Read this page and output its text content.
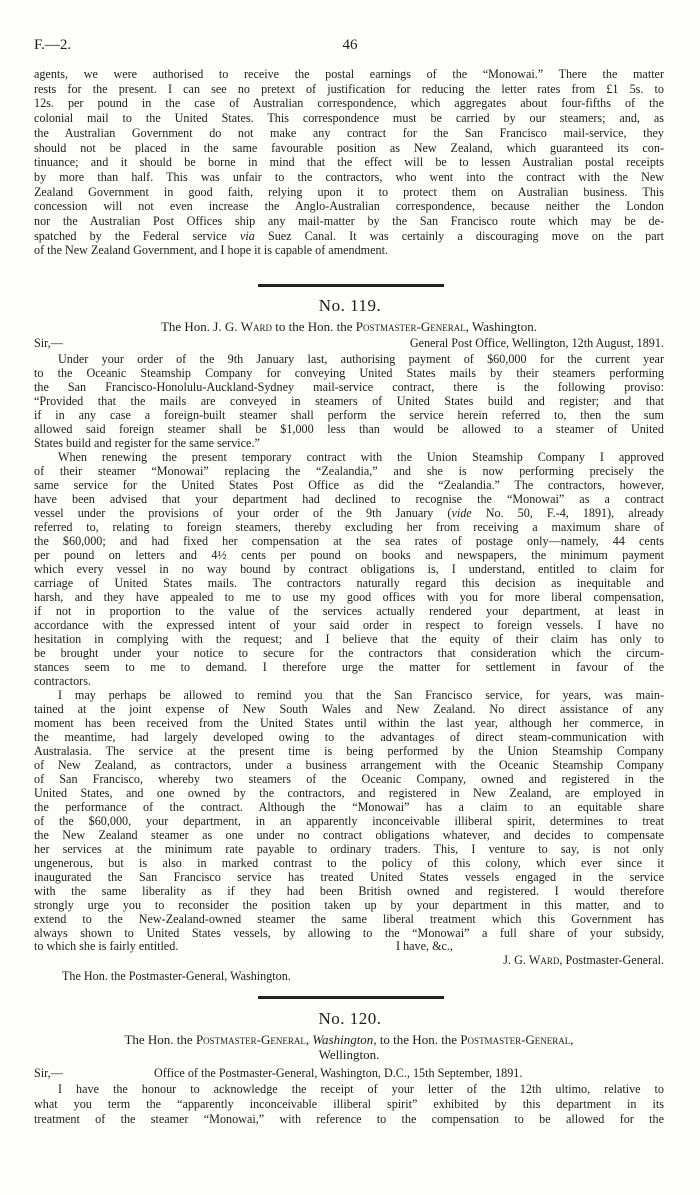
F.—2.	46
agents, we were authorised to receive the postal earnings of the “Monowai.” There the matter
rests for the present. I can see no pretext of justification for reducing the letter rates from £1 5s. to
12s. per pound in the case of Australian correspondence, which aggregates about four-fifths of the
colonial mail to the United States. This correspondence must be carried by our steamers; and, as
the Australian Government do not make any contract for the San Francisco mail-service, they
should not be placed in the same favourable position as New Zealand, which guaranteed its con-
tinuance; and it should be borne in mind that the effect will be to lessen Australian postal receipts
by more than half. This was unfair to the contractors, who went into the contract with the New
Zealand Government in good faith, relying upon it to protect them on Australian business. This
concession will not even increase the Anglo-Australian correspondence, because neither the London
nor the Australian Post Offices ship any mail-matter by the San Francisco route which may be de-
spatched by the Federal service via Suez Canal. It was certainly a discouraging move on the part
of the New Zealand Government, and I hope it is capable of amendment.
No. 119.
The Hon. J. G. Ward to the Hon. the Postmaster-General, Washington.
Sir,—	General Post Office, Wellington, 12th August, 1891.
Under your order of the 9th January last, authorising payment of $60,000 for the current year
to the Oceanic Steamship Company for conveying United States mails by their steamers performing
the San Francisco-Honolulu-Auckland-Sydney mail-service contract, there is the following proviso:
“Provided that the mails are conveyed in steamers of United States build and register; and that
if in any case a foreign-built steamer shall perform the service herein referred to, then the sum
allowed said foreign steamer shall be $1,000 less than would be allowed to a steamer of United
States build and register for the same service.”
When renewing the present temporary contract with the Union Steamship Company I approved
of their steamer “Monowai” replacing the “Zealandia,” and she is now performing precisely the
same service for the United States Post Office as did the “Zealandia.” The contractors, however,
have been advised that your department had declined to recognise the “Monowai” as a contract
vessel under the provisions of your order of the 9th January (vide No. 50, F.-4, 1891), already
referred to, relating to foreign steamers, thereby excluding her from receiving a maximum share of
the $60,000; and had fixed her compensation at the sea rates of postage only—namely, 44 cents
per pound on letters and 4½ cents per pound on books and newspapers, the minimum payment
which every vessel in no way bound by contract obligations is, I understand, entitled to claim for
carriage of United States mails. The contractors naturally regard this decision as inequitable and
harsh, and they have appealed to me to use my good offices with you for more liberal compensation,
if not in proportion to the value of the services actually rendered your department, at least in
accordance with the expressed intent of your said order in respect to foreign vessels. I have no
hesitation in complying with the request; and I believe that the equity of their claim has only to
be brought under your notice to secure for the contractors that consideration which the circum-
stances seem to me to demand. I therefore urge the matter for settlement in favour of the
contractors.
I may perhaps be allowed to remind you that the San Francisco service, for years, was main-
tained at the joint expense of New South Wales and New Zealand. No direct assistance of any
moment has been received from the United States until within the last year, although her commerce, in
the meantime, had largely developed owing to the advantages of direct steam-communication with
Australasia. The service at the present time is being performed by the Union Steamship Company
of New Zealand, as contractors, under a business arrangement with the Oceanic Steamship Company
of San Francisco, whereby two steamers of the Oceanic Company, owned and registered in the
United States, and one owned by the contractors, and registered in New Zealand, are employed in
the performance of the contract. Although the “Monowai” has a claim to an equitable share
of the $60,000, your department, in an apparently inconceivable illiberal spirit, determines to treat
the New Zealand steamer as one under no contract obligations whatever, and decides to compensate
her services at the minimum rate payable to ordinary traders. This, I venture to say, is not only
ungenerous, but is also in marked contrast to the policy of this colony, which ever since it
inaugurated the San Francisco service has treated United States vessels engaged in the service
with the same liberality as if they had been British owned and registered. I would therefore
strongly urge you to reconsider the position taken up by your department in this matter, and to
extend to the New-Zealand-owned steamer the same liberal treatment which this Government has
always shown to United States vessels, by allowing to the “Monowai” a full share of your subsidy,
to which she is fairly entitled.	I have, &c.,
J. G. Ward, Postmaster-General.
The Hon. the Postmaster-General, Washington.
No. 120.
The Hon. the Postmaster-General, Washington, to the Hon. the Postmaster-General,
Wellington.
Sir,—	Office of the Postmaster-General, Washington, D.C., 15th September, 1891.
I have the honour to acknowledge the receipt of your letter of the 12th ultimo, relative to
what you term the “apparently inconceivable illiberal spirit” exhibited by this department in its
treatment of the steamer “Monowai,” with reference to the compensation to be allowed for the
